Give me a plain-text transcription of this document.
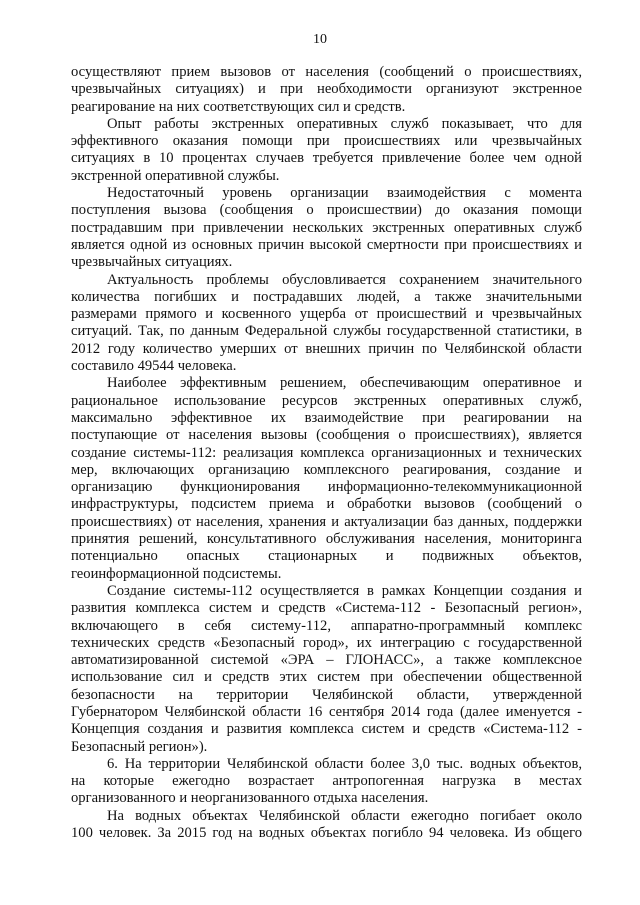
10
осуществляют прием вызовов от населения (сообщений о происшествиях,
чрезвычайных ситуациях) и при необходимости организуют экстренное
реагирование на них соответствующих сил и средств.
Опыт работы экстренных оперативных служб показывает, что для
эффективного оказания помощи при происшествиях или чрезвычайных
ситуациях в 10 процентах случаев требуется привлечение более чем одной
экстренной оперативной службы.
Недостаточный уровень организации взаимодействия с момента
поступления вызова (сообщения о происшествии) до оказания помощи
пострадавшим при привлечении нескольких экстренных оперативных служб
является одной из основных причин высокой смертности при происшествиях и
чрезвычайных ситуациях.
Актуальность проблемы обусловливается сохранением значительного
количества погибших и пострадавших людей, а также значительными
размерами прямого и косвенного ущерба от происшествий и чрезвычайных
ситуаций. Так, по данным Федеральной службы государственной статистики, в
2012 году количество умерших от внешних причин по Челябинской области
составило 49544 человека.
Наиболее эффективным решением, обеспечивающим оперативное и
рациональное использование ресурсов экстренных оперативных служб,
максимально эффективное их взаимодействие при реагировании на
поступающие от населения вызовы (сообщения о происшествиях), является
создание системы-112: реализация комплекса организационных и технических
мер, включающих организацию комплексного реагирования, создание и
организацию функционирования информационно-телекоммуникационной
инфраструктуры, подсистем приема и обработки вызовов (сообщений о
происшествиях) от населения, хранения и актуализации баз данных, поддержки
принятия решений, консультативного обслуживания населения, мониторинга
потенциально опасных стационарных и подвижных объектов,
геоинформационной подсистемы.
Создание системы-112 осуществляется в рамках Концепции создания и
развития комплекса систем и средств «Система-112 - Безопасный регион»,
включающего в себя систему-112, аппаратно-программный комплекс
технических средств «Безопасный город», их интеграцию с государственной
автоматизированной системой «ЭРА – ГЛОНАСС», а также комплексное
использование сил и средств этих систем при обеспечении общественной
безопасности на территории Челябинской области, утвержденной
Губернатором Челябинской области 16 сентября 2014 года (далее именуется -
Концепция создания и развития комплекса систем и средств «Система-112 -
Безопасный регион»).
6. На территории Челябинской области более 3,0 тыс. водных объектов,
на которые ежегодно возрастает антропогенная нагрузка в местах
организованного и неорганизованного отдыха населения.
На водных объектах Челябинской области ежегодно погибает около
100 человек. За 2015 год на водных объектах погибло 94 человека. Из общего
